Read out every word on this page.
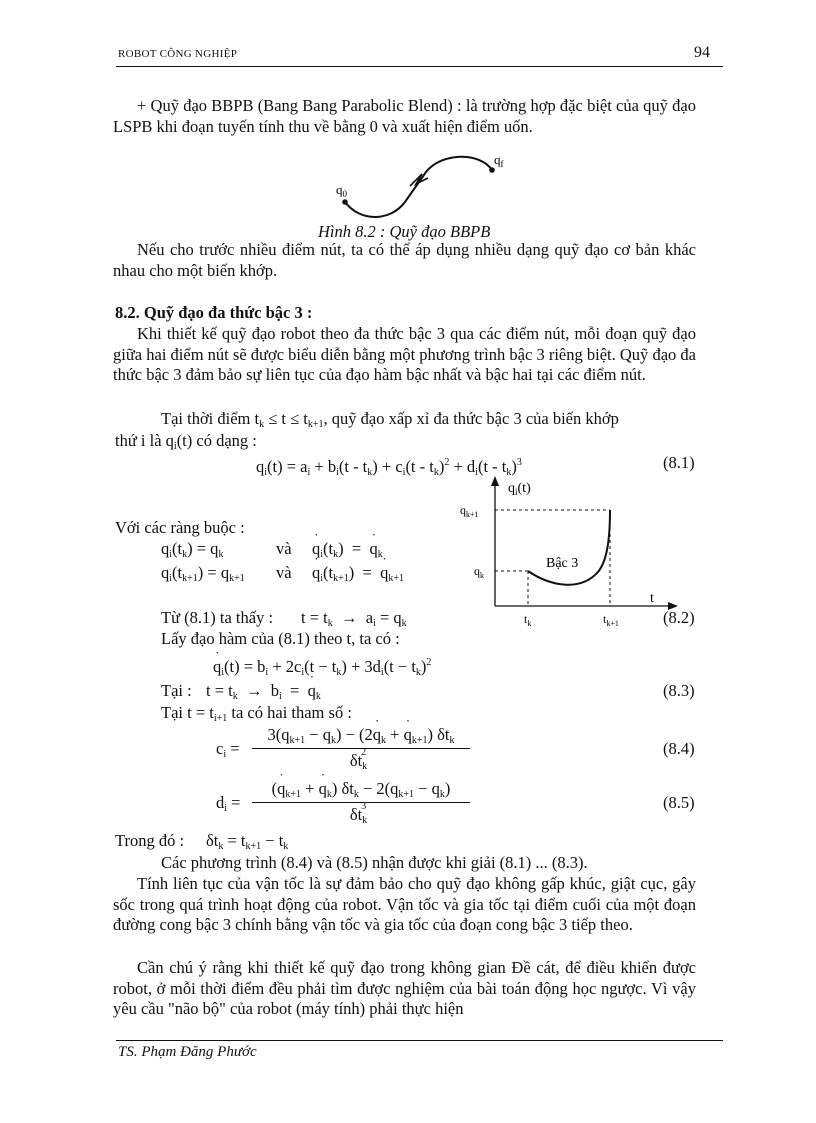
ROBOT CÔNG NGHIỆP	94
+ Quỹ đạo BBPB (Bang Bang Parabolic Blend) : là trường hợp đặc biệt của quỹ đạo LSPB khi đoạn tuyến tính thu về bằng 0 và xuất hiện điểm uốn.
$q_0$
$q_f$
Hình 8.2 : Quỹ đạo BBPB
Nếu cho trước nhiều điểm nút, ta có thể áp dụng nhiều dạng quỹ đạo cơ bản khác nhau cho một biến khớp.
8.2. Quỹ đạo đa thức bậc 3 :
Khi thiết kế quỹ đạo robot theo đa thức bậc 3 qua các điểm nút, mỗi đoạn quỹ đạo giữa hai điểm nút sẽ được biểu diễn bằng một phương trình bậc 3 riêng biệt. Quỹ đạo đa thức bậc 3 đảm bảo sự liên tục của đạo hàm bậc nhất và bậc hai tại các điểm nút.
Tại thời điểm $t_k \le t \le t_{k+1}$, quỹ đạo xấp xỉ đa thức bậc 3 của biến khớp
thứ i là $q_i(t)$ có dạng :
$q_i(t) = a_i + b_i(t - t_k) + c_i(t - t_k)^2 + d_i(t - t_k)^3$	(8.1)
$q_i(t)$
$q_{k+1}$
$q_k$
Bậc 3
t
$t_k$	$t_{k+1}$
Với các ràng buộc :
$q_i(t_k) = q_k$	và ˙ $q_i(t_k)$  =  ˙ $q_k$
$q_i(t_{k+1}) = q_{k+1}$ và ˙ $q_i(t_{k+1})$  =  ˙ $q_{k+1}$
Từ (8.1) ta thấy : $t = t_k \to a_i = q_k$	(8.2)
Lấy đạo hàm của (8.1) theo t, ta có :
˙ $q_i(t) = b_i + 2c_i(t - t_k) + 3d_i(t - t_k)^2$
Tại : $t = t_k \to b_i$  =  ˙ $q_k$	(8.3)
Tại $t = t_{i+1}$ ta có hai tham số :
$c_i$ =
$3(q_{k+1} - q_k)$ − (2˙ $q_k$ + ˙ $q_{k+1}$) $\delta t_k$
$\delta t_k^2$	(8.4)
$d_i$ =
(˙ $q_{k+1}$ + ˙ $q_k$) $\delta t_k - 2(q_{k+1} - q_k)$
$\delta t_k^3$	(8.5)
Trong đó : $\delta t_k = t_{k+1} - t_k$
Các phương trình (8.4) và (8.5) nhận được khi giải (8.1) ... (8.3).
Tính liên tục của vận tốc là sự đảm bảo cho quỹ đạo không gấp khúc, giật cục, gây sốc trong quá trình hoạt động của robot. Vận tốc và gia tốc tại điểm cuối của một đoạn đường cong bậc 3 chính bằng vận tốc và gia tốc của đoạn cong bậc 3 tiếp theo.
Cần chú ý rằng khi thiết kế quỹ đạo trong không gian Đề cát, để điều khiển được robot, ở mỗi thời điểm đều phải tìm được nghiệm của bài toán động học ngược. Vì vậy yêu cầu "não bộ" của robot (máy tính) phải thực hiện
TS. Phạm Đăng Phước
